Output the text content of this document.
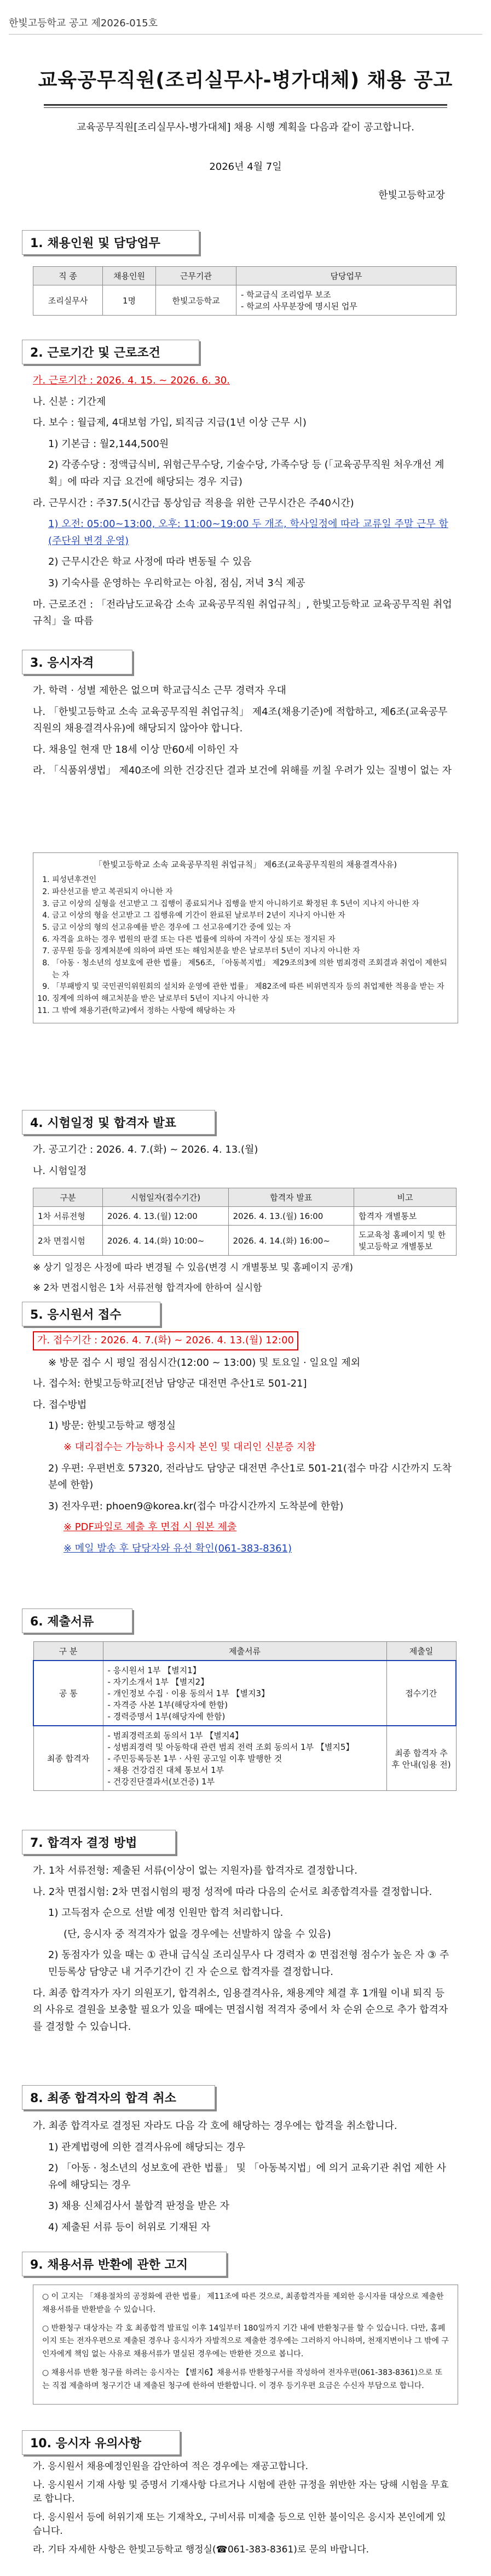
한빛고등학교 공고 제2026-015호
교육공무직원(조리실무사-병가대체) 채용 공고
교육공무직원[조리실무사-병가대체] 채용 시행 계획을 다음과 같이 공고합니다.
2026년 4월 7일
한빛고등학교장
1. 채용인원 및 담당업무
직 종	채용인원	근무기관	담당업무
조리실무사	1명	한빛고등학교	- 학교급식 조리업무 보조
- 학교의 사무분장에 명시된 업무
2. 근로기간 및 근로조건

가. 근로기간 : 2026. 4. 15. ~ 2026. 6. 30.

나. 신분 : 기간제

다. 보수 : 월급제, 4대보험 가입, 퇴직금 지급(1년 이상 근무 시)

1) 기본급 : 월2,144,500원

2) 각종수당 : 정액급식비, 위험근무수당, 기술수당, 가족수당 등 (「교육공무직원 처우개선 계획」에 따라 지급 요건에 해당되는 경우 지급)

라. 근무시간 : 주37.5(시간급 통상임금 적용을 위한 근무시간은 주40시간)

1) 오전: 05:00~13:00, 오후: 11:00~19:00 두 개조, 학사일정에 따라 교류일 주말 근무 함(주단위 변경 운영)

2) 근무시간은 학교 사정에 따라 변동될 수 있음

3) 기숙사를 운영하는 우리학교는 아침, 점심, 저녁 3식 제공

마. 근로조건 : 「전라남도교육감 소속 교육공무직원 취업규칙」, 한빛고등학교 교육공무직원 취업 규칙」을 따름

3. 응시자격

가. 학력 · 성별 제한은 없으며 학교급식소 근무 경력자 우대

나. 「한빛고등학교 소속 교육공무직원 취업규칙」 제4조(채용기준)에 적합하고, 제6조(교육공무직원의 채용결격사유)에 해당되지 않아야 합니다.

다. 채용일 현재 만 18세 이상 만60세 이하인 자

라. 「식품위생법」 제40조에 의한 건강진단 결과 보건에 위해를 끼칠 우려가 있는 질병이 없는 자

「한빛고등학교 소속 교육공무직원 취업규칙」 제6조(교육공무직원의 채용결격사유)
1. 피성년후견인
2. 파산선고를 받고 복권되지 아니한 자
3. 금고 이상의 실형을 선고받고 그 집행이 종료되거나 집행을 받지 아니하기로 확정된 후 5년이 지나지 아니한 자
4. 금고 이상의 형을 선고받고 그 집행유예 기간이 완료된 날로부터 2년이 지나지 아니한 자
5. 금고 이상의 형의 선고유예를 받은 경우에 그 선고유예기간 중에 있는 자
6. 자격을 요하는 경우 법원의 판결 또는 다른 법률에 의하여 자격이 상실 또는 정지된 자
7. 공무원 등을 징계처분에 의하여 파면 또는 해임처분을 받은 날로부터 5년이 지나지 아니한 자
8. 「아동 · 청소년의 성보호에 관한 법률」 제56조, 「아동복지법」 제29조의3에 의한 범죄경력 조회결과 취업이 제한되는 자
9. 「부패방지 및 국민권익위원회의 설치와 운영에 관한 법률」 제82조에 따른 비위면직자 등의 취업제한 적용을 받는 자
10. 징계에 의하여 해고처분을 받은 날로부터 5년이 지나지 아니한 자
11. 그 밖에 채용기관(학교)에서 정하는 사항에 해당하는 자
4. 시험일정 및 합격자 발표

가. 공고기간 : 2026. 4. 7.(화) ~ 2026. 4. 13.(월)

나. 시험일정

구분	시험일자(접수기간)	합격자 발표	비고
1차 서류전형	2026. 4. 13.(월) 12:00	2026. 4. 13.(월) 16:00	합격자 개별통보
2차 면접시험	2026. 4. 14.(화) 10:00~	2026. 4. 14.(화) 16:00~	도교육청 홈페이지 및 한빛고등학교 개별통보

※ 상기 일정은 사정에 따라 변경될 수 있음(변경 시 개별통보 및 홈페이지 공개)

※ 2차 면접시험은 1차 서류전형 합격자에 한하여 실시함

5. 응시원서 접수

가. 접수기간 : 2026. 4. 7.(화) ~ 2026. 4. 13.(월) 12:00

※ 방문 접수 시 평일 점심시간(12:00 ~ 13:00) 및 토요일 · 일요일 제외

나. 접수처: 한빛고등학교[전남 담양군 대전면 추산1로 501-21]

다. 접수방법

1) 방문: 한빛고등학교 행정실

※ 대리접수는 가능하나 응시자 본인 및 대리인 신분증 지참

2) 우편: 우편번호 57320, 전라남도 담양군 대전면 추산1로 501-21(접수 마감 시간까지 도착분에 한함)

3) 전자우편: phoen9@korea.kr(접수 마감시간까지 도착분에 한함)

※ PDF파일로 제출 후 면접 시 원본 제출

※ 메일 발송 후 담당자와 유선 확인(061-383-8361)

6. 제출서류
구 분	제출서류	제출일
공 통	- 응시원서 1부 【별지1】
- 자기소개서 1부 【별지2】
- 개인정보 수집 · 이용 동의서 1부 【별지3】
- 자격증 사본 1부(해당자에 한함)
- 경력증명서 1부(해당자에 한함)	접수기간
최종 합격자	- 범죄경력조회 동의서 1부 【별지4】
- 성범죄경력 및 아동학대 관련 범죄 전력 조회 동의서 1부 【별지5】
- 주민등록등본 1부 · 사원 공고일 이후 발행한 것
- 채용 건강검진 대체 통보서 1부
- 건강진단결과서(보건증) 1부	최종 합격자 추후 안내(임용 전)
7. 합격자 결정 방법

가. 1차 서류전형: 제출된 서류(이상이 없는 지원자)를 합격자로 결정합니다.

나. 2차 면접시험: 2차 면접시험의 평정 성적에 따라 다음의 순서로 최종합격자를 결정합니다.

1) 고득점자 순으로 선발 예정 인원만 합격 처리합니다.

(단, 응시자 중 적격자가 없을 경우에는 선발하지 않을 수 있음)

2) 동점자가 있을 때는 ① 관내 급식실 조리실무사 다 경력자 ② 면접전형 점수가 높은 자 ③ 주민등록상 담양군 내 거주기간이 긴 자 순으로 합격자를 결정합니다.

다. 최종 합격자가 자기 의원포기, 합격취소, 임용결격사유, 채용계약 체결 후 1개월 이내 퇴직 등의 사유로 결원을 보충할 필요가 있을 때에는 면접시험 적격자 중에서 차 순위 순으로 추가 합격자를 결정할 수 있습니다.

8. 최종 합격자의 합격 취소

가. 최종 합격자로 결정된 자라도 다음 각 호에 해당하는 경우에는 합격을 취소합니다.

1) 관계법령에 의한 결격사유에 해당되는 경우

2) 「아동 · 청소년의 성보호에 관한 법률」 및 「아동복지법」에 의거 교육기관 취업 제한 사유에 해당되는 경우

3) 채용 신체검사서 불합격 판정을 받은 자

4) 제출된 서류 등이 허위로 기재된 자

9. 채용서류 반환에 관한 고지

○ 이 고지는 「채용절차의 공정화에 관한 법률」 제11조에 따른 것으로, 최종합격자를 제외한 응시자를 대상으로 제출한 채용서류를 반환받을 수 있습니다.

○ 반환청구 대상자는 각 호 최종합격 발표일 이후 14일부터 180일까지 기간 내에 반환청구를 할 수 있습니다. 다만, 홈페이지 또는 전자우편으로 제출된 경우나 응시자가 자발적으로 제출한 경우에는 그러하지 아니하며, 천재지변이나 그 밖에 구인자에게 책임 없는 사유로 채용서류가 멸실된 경우에는 반환한 것으로 봅니다.

○ 채용서류 반환 청구를 하려는 응시자는 【별지6】채용서류 반환청구서를 작성하여 전자우편(061-383-8361)으로 또는 직접 제출하며 청구기간 내 제출된 청구에 한하여 반환합니다. 이 경우 등기우편 요금은 수신자 부담으로 합니다.

10. 응시자 유의사항

가. 응시원서 채용예정인원을 감안하여 적은 경우에는 재공고합니다.

나. 응시원서 기재 사항 및 증명서 기재사항 다르거나 시험에 관한 규정을 위반한 자는 당해 시험을 무효로 합니다.

다. 응시원서 등에 허위기재 또는 기재착오, 구비서류 미제출 등으로 인한 불이익은 응시자 본인에게 있습니다.

라. 기타 자세한 사항은 한빛고등학교 행정실(☎061-383-8361)로 문의 바랍니다.
